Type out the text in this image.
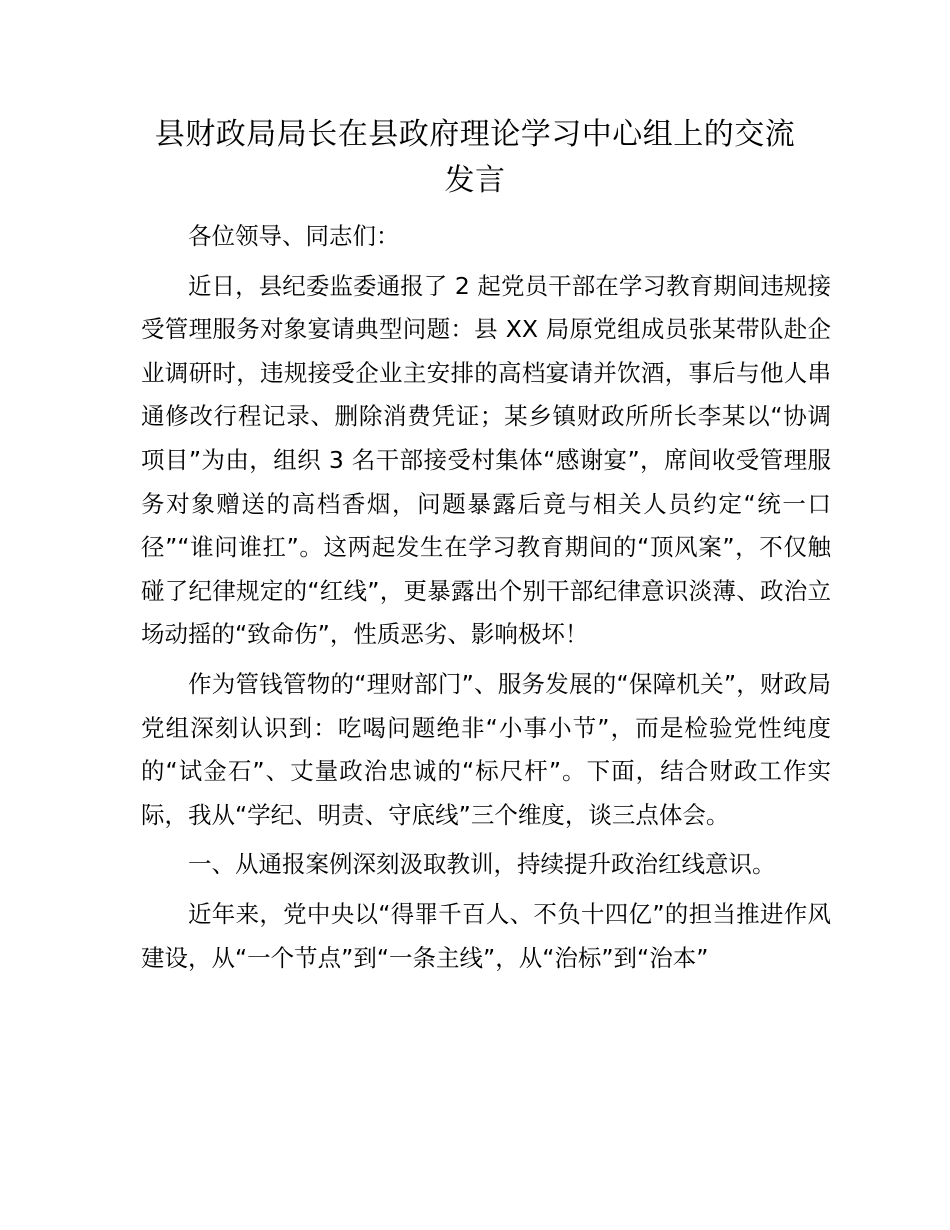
县财政局局长在县政府理论学习中心组上的交流发言

各位领导、同志们：

近日，县纪委监委通报了 2 起党员干部在学习教育期间违规接受管理服务对象宴请典型问题：县 XX 局原党组成员张某带队赴企业调研时，违规接受企业主安排的高档宴请并饮酒，事后与他人串通修改行程记录、删除消费凭证；某乡镇财政所所长李某以“协调项目”为由，组织 3 名干部接受村集体“感谢宴”，席间收受管理服务对象赠送的高档香烟，问题暴露后竟与相关人员约定“统一口径”“谁问谁扛”。这两起发生在学习教育期间的“顶风案”，不仅触碰了纪律规定的“红线”，更暴露出个别干部纪律意识淡薄、政治立场动摇的“致命伤”，性质恶劣、影响极坏！

作为管钱管物的“理财部门”、服务发展的“保障机关”，财政局党组深刻认识到：吃喝问题绝非“小事小节”，而是检验党性纯度的“试金石”、丈量政治忠诚的“标尺杆”。下面，结合财政工作实际，我从“学纪、明责、守底线”三个维度，谈三点体会。

一、从通报案例深刻汲取教训，持续提升政治红线意识。

近年来，党中央以“得罪千百人、不负十四亿”的担当推进作风建设，从“一个节点”到“一条主线”，从“治标”到“治本”
